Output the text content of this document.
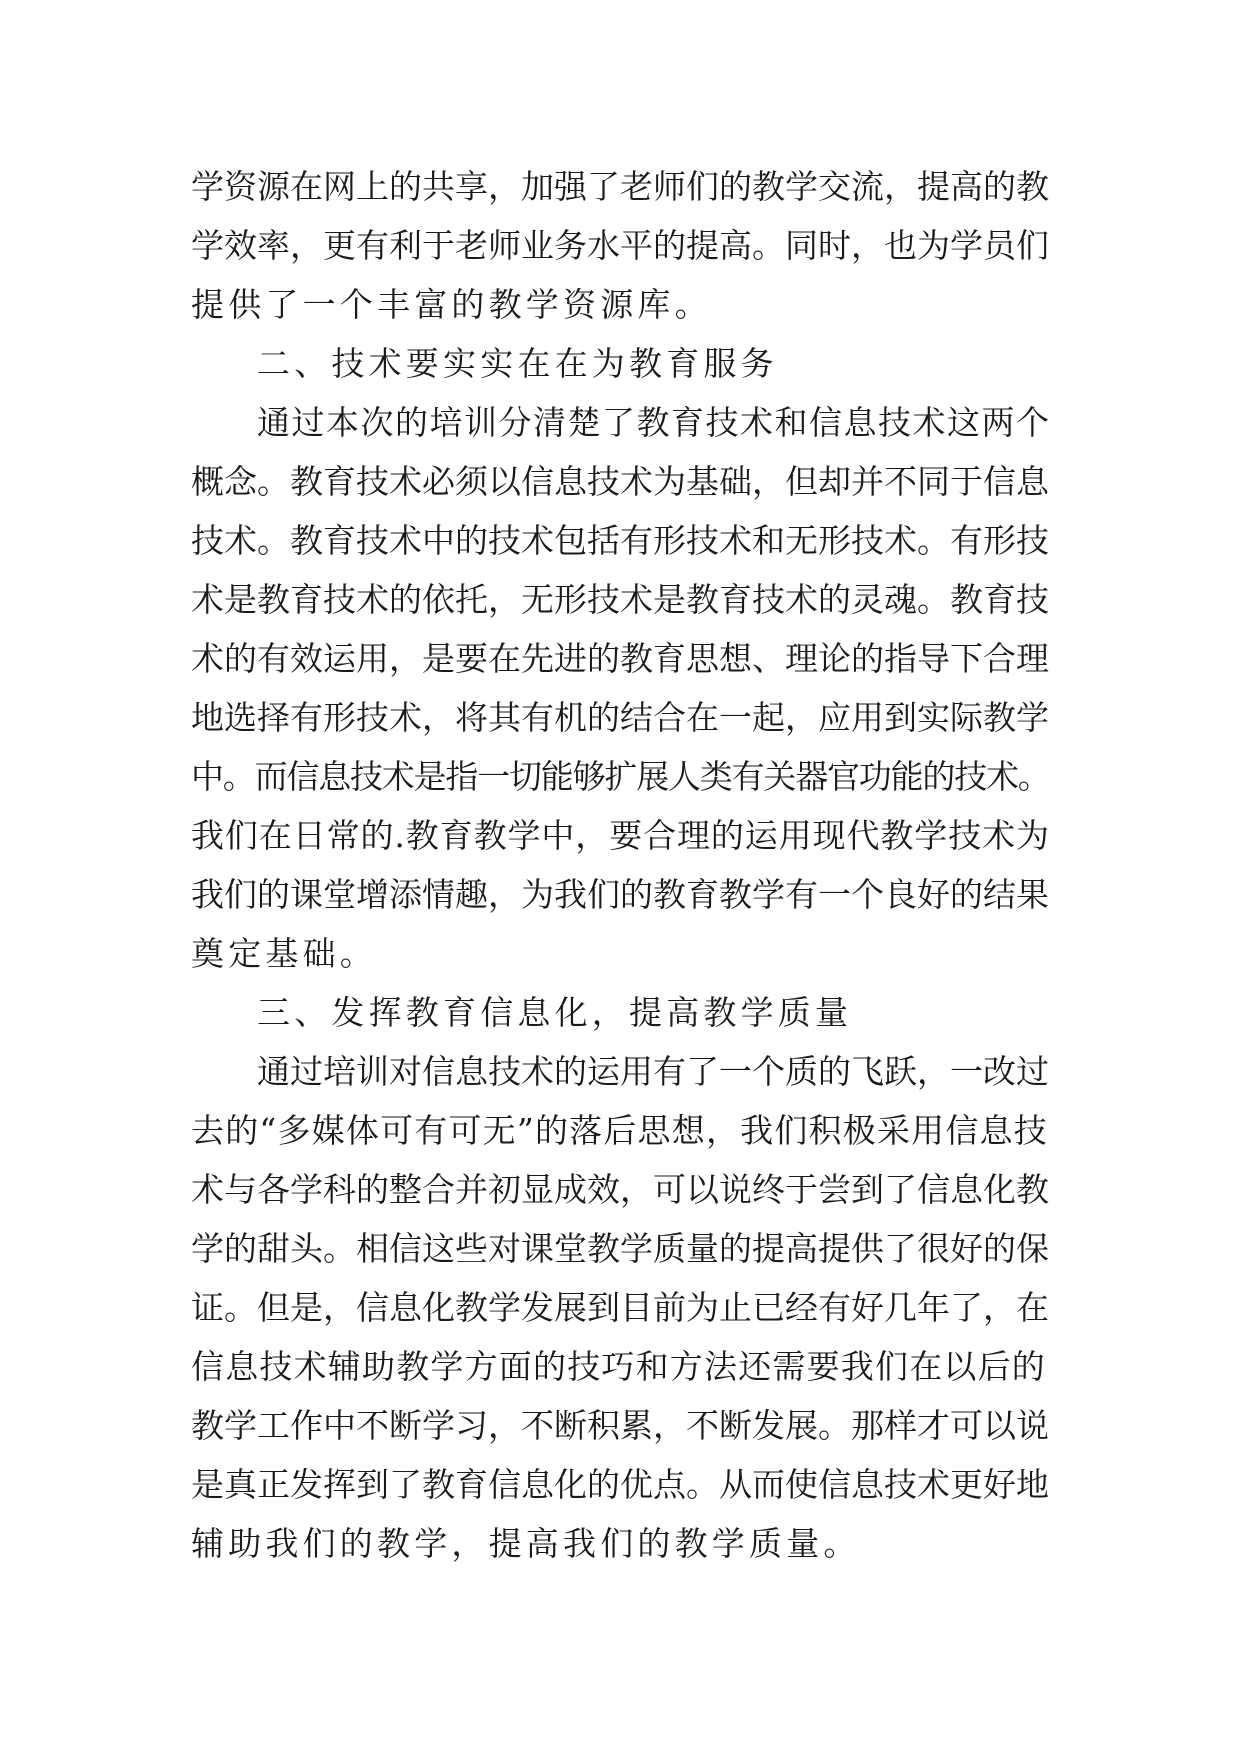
学资源在网上的共享，加强了老师们的教学交流，提高的教
学效率，更有利于老师业务水平的提高。同时，也为学员们
提供了一个丰富的教学资源库。
二、技术要实实在在为教育服务
通过本次的培训分清楚了教育技术和信息技术这两个
概念。教育技术必须以信息技术为基础，但却并不同于信息
技术。教育技术中的技术包括有形技术和无形技术。有形技
术是教育技术的依托，无形技术是教育技术的灵魂。教育技
术的有效运用，是要在先进的教育思想、理论的指导下合理
地选择有形技术，将其有机的结合在一起，应用到实际教学
中。而信息技术是指一切能够扩展人类有关器官功能的技术。
我们在日常的.教育教学中，要合理的运用现代教学技术为
我们的课堂增添情趣，为我们的教育教学有一个良好的结果
奠定基础。
三、发挥教育信息化，提高教学质量
通过培训对信息技术的运用有了一个质的飞跃，一改过
去的“多媒体可有可无”的落后思想，我们积极采用信息技
术与各学科的整合并初显成效，可以说终于尝到了信息化教
学的甜头。相信这些对课堂教学质量的提高提供了很好的保
证。但是，信息化教学发展到目前为止已经有好几年了，在
信息技术辅助教学方面的技巧和方法还需要我们在以后的
教学工作中不断学习，不断积累，不断发展。那样才可以说
是真正发挥到了教育信息化的优点。从而使信息技术更好地
辅助我们的教学，提高我们的教学质量。
